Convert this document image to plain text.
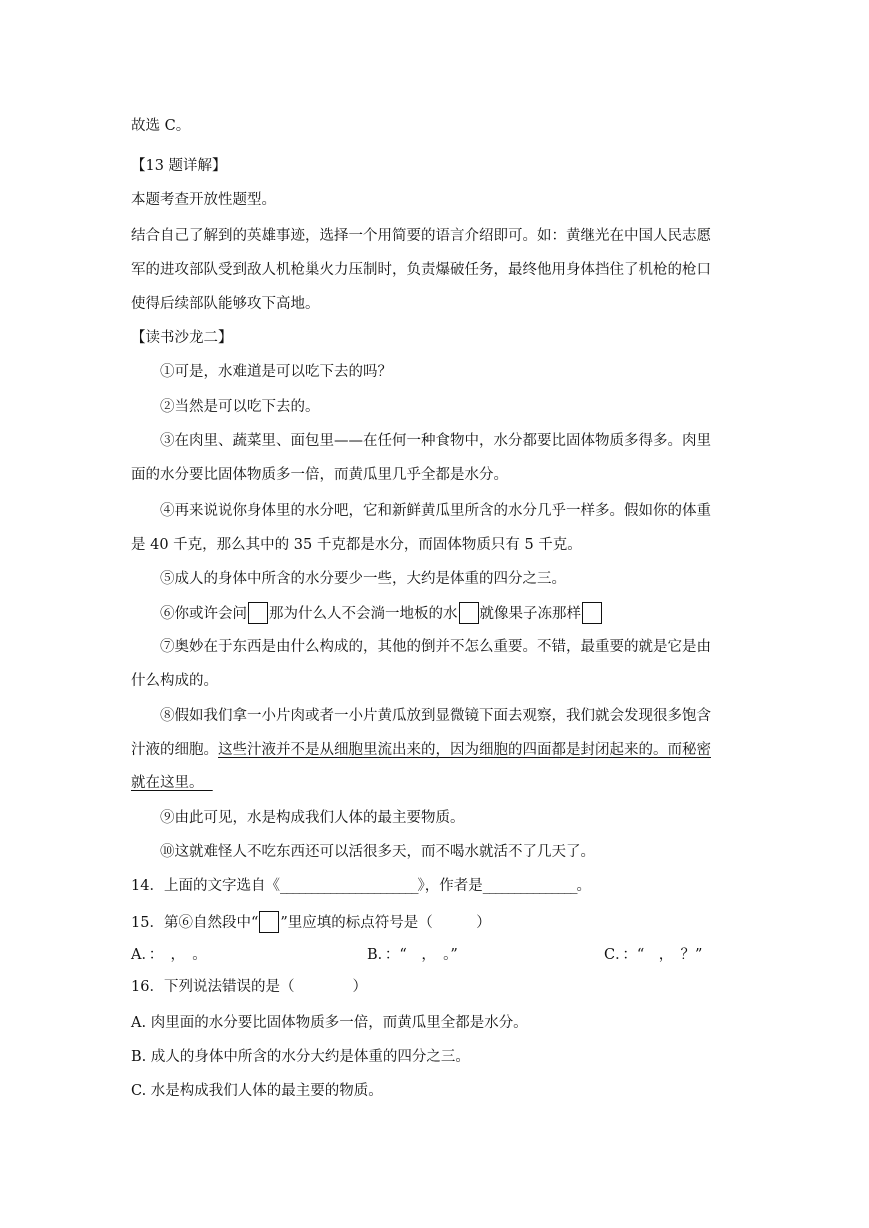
故选 C。
【13 题详解】
本题考查开放性题型。
结合自己了解到的英雄事迹，选择一个用简要的语言介绍即可。如：黄继光在中国人民志愿
军的进攻部队受到敌人机枪巢火力压制时，负责爆破任务，最终他用身体挡住了机枪的枪口
使得后续部队能够攻下高地。
【读书沙龙二】
①可是，水难道是可以吃下去的吗？
②当然是可以吃下去的。
③在肉里、蔬菜里、面包里——在任何一种食物中，水分都要比固体物质多得多。肉里
面的水分要比固体物质多一倍，而黄瓜里几乎全都是水分。
④再来说说你身体里的水分吧，它和新鲜黄瓜里所含的水分几乎一样多。假如你的体重
是 40 千克，那么其中的 35 千克都是水分，而固体物质只有 5 千克。
⑤成人的身体中所含的水分要少一些，大约是体重的四分之三。
⑥你或许会问 那为什么人不会淌一地板的水 就像果子冻那样
⑦奥妙在于东西是由什么构成的，其他的倒并不怎么重要。不错，最重要的就是它是由
什么构成的。
⑧假如我们拿一小片肉或者一小片黄瓜放到显微镜下面去观察，我们就会发现很多饱含
汁液的细胞。这些汁液并不是从细胞里流出来的，因为细胞的四面都是封闭起来的。而秘密
就在这里。
⑨由此可见，水是构成我们人体的最主要物质。
⑩这就难怪人不吃东西还可以活很多天，而不喝水就活不了几天了。
14．上面的文字选自《______________________》，作者是_______________。
15．第⑥自然段中“ ”里应填的标点符号是（　　　）
A．：　，　。	B．：“　，　。”	C．：“　，　？”
16．下列说法错误的是（　　　　）
A. 肉里面的水分要比固体物质多一倍，而黄瓜里全都是水分。
B. 成人的身体中所含的水分大约是体重的四分之三。
C. 水是构成我们人体的最主要的物质。
